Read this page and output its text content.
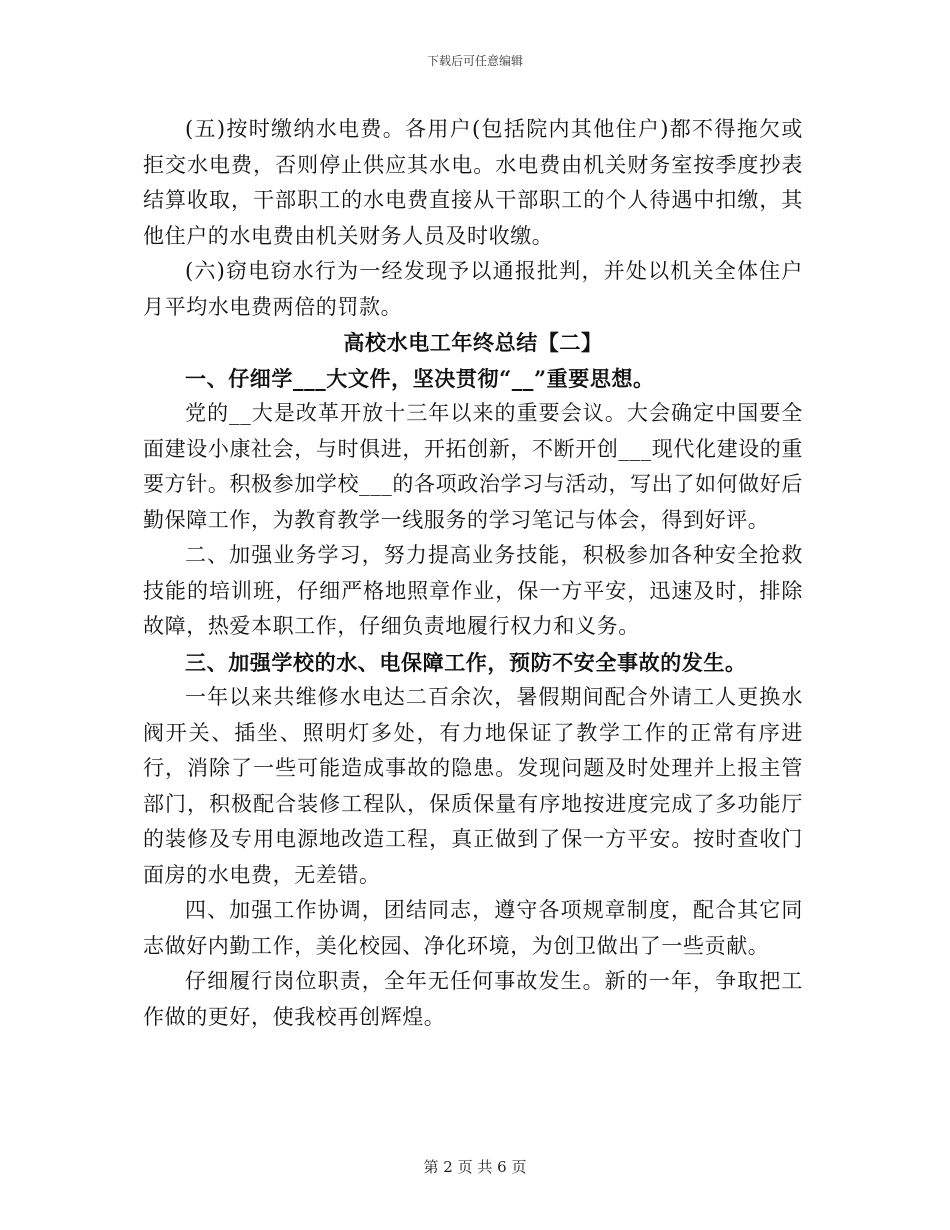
下载后可任意编辑

(五)按时缴纳水电费。各用户(包括院内其他住户)都不得拖欠或拒交水电费，否则停止供应其水电。水电费由机关财务室按季度抄表结算收取，干部职工的水电费直接从干部职工的个人待遇中扣缴，其他住户的水电费由机关财务人员及时收缴。

(六)窃电窃水行为一经发现予以通报批判，并处以机关全体住户月平均水电费两倍的罚款。

高校水电工年终总结【二】

一、仔细学___大文件，坚决贯彻“__”重要思想。

党的__大是改革开放十三年以来的重要会议。大会确定中国要全面建设小康社会，与时俱进，开拓创新，不断开创___现代化建设的重要方针。积极参加学校___的各项政治学习与活动，写出了如何做好后勤保障工作，为教育教学一线服务的学习笔记与体会，得到好评。

二、加强业务学习，努力提高业务技能，积极参加各种安全抢救技能的培训班，仔细严格地照章作业，保一方平安，迅速及时，排除故障，热爱本职工作，仔细负责地履行权力和义务。

三、加强学校的水、电保障工作，预防不安全事故的发生。

一年以来共维修水电达二百余次，暑假期间配合外请工人更换水阀开关、插坐、照明灯多处，有力地保证了教学工作的正常有序进行，消除了一些可能造成事故的隐患。发现问题及时处理并上报主管部门，积极配合装修工程队，保质保量有序地按进度完成了多功能厅的装修及专用电源地改造工程，真正做到了保一方平安。按时查收门面房的水电费，无差错。

四、加强工作协调，团结同志，遵守各项规章制度，配合其它同志做好内勤工作，美化校园、净化环境，为创卫做出了一些贡献。

仔细履行岗位职责，全年无任何事故发生。新的一年，争取把工作做的更好，使我校再创辉煌。

第 2 页 共 6 页
